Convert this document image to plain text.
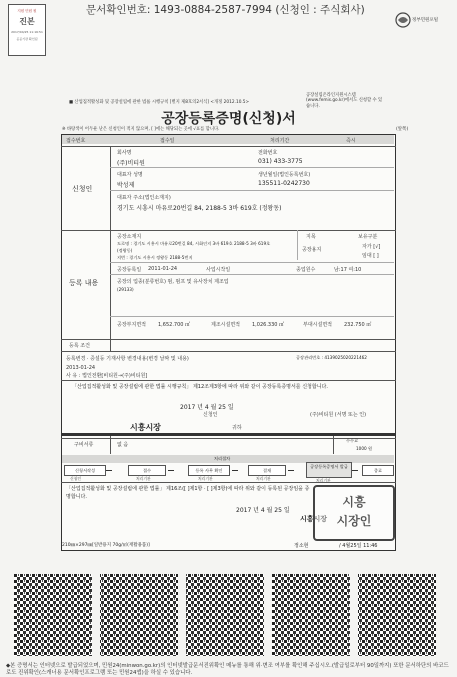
문서확인번호: 1493-0884-2587-7994 (신청인 : 주식회사)
지원 민원 원
진본
2017/04/25 11:16:51
공공기관 확인됨
정부민원포털
■ 산업집적활성화 및 공장설립에 관한 법률 시행규칙 [별지 제8호의2서식] <개정 2012.10.5>
공장설립온라인지원시스템(www.femis.go.kr)에서도 신청할 수 있습니다.
공장등록증명(신청)서
※ 바탕색이 어두운 난은 신청인이 적지 않으며, [ ]에는 해당되는 곳에 √표를 합니다.	(앞쪽)
접수번호	접수일	처리기간	즉시
신청인
회사명
(주)비티원
전화번호
031) 433-3775
대표자 성명
박성제
생년월일(법인등록번호)
135511-0242730
대표자 주소(법인소재지)
경기도 시흥시 마유로20번길 84, 2188-5 3바 619호 (정왕동)
등록 내용
공장소재지
도로명 : 경기도 시흥시 마유로20번길 84, 시화인지 3바 619호 2188-5 3바 619호
(정왕동)
지번 : 경기도 시흥시 정왕동 2188-5번지
지목
공장용지
보유구분
자가 [√]
임대 [ ]
공장등록일 2011-01-24	사업시작일	종업원수	남:17 여:10
공장의 업종(분류번호) 펌, 펌프 및 유사장치 제조업
(29133)
공장부지면적 1,652.700 ㎡	제조시설면적 1,026.330 ㎡	부대시설면적 232.750 ㎡
등록 조건
등록변경 · 증설등 기재사항 변경내용(변경 날짜 및 내용)	공장관리번호 : 4139025020221462
2013-01-24
사 유 : 법인전환[비티원→(주)비티원]
「산업집적활성화 및 공장설립에 관한 법률 시행규칙」 제12조제3항에 따라 위와 같이 공장등록증명서를 신청합니다.
2017 년 4 월 25 일
신청인	(주)비티원 (서명 또는 인)
시흥시장	귀하
구비서류	없 음
수수료
1000 원
처리절차
신청서작성	접수	등록 사무 확인	결재
공장등록증명서 발급
종료
신청인	처리기관	처리기관	처리기관	처리기관
「산업집적활성화 및 공장설립에 관한 법률」 제16조([ ]제1항 · [ ]제3항)에 따라 위와 같이 등록된 공장임을 증명합니다.
2017 년 4 월 25 일
시흥시장
시흥
시장인
210㎜×297㎜[일반용지 70g/㎡(재활용품)]	정소현	/ 4월25일 11:46
◆본 증명서는 인터넷으로 발급되었으며, 민원24(minwon.go.kr)의 인터넷발급문서진위확인 메뉴를 통해 위·변조 여부를 확인해 주십시오.(발급일로부터 90일까지) 또한 문서하단의 바코드로도 진위확인(스캐너용 문서확인프로그램 또는 민원24앱)을 하실 수 있습니다.
